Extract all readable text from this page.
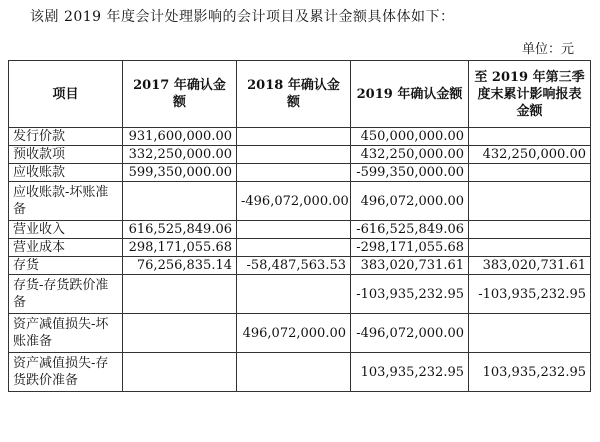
该剧 2019 年度会计处理影响的会计项目及累计金额具体体如下：
单位：元
项目	2017 年确认金额	2018 年确认金额	2019 年确认金额	至 2019 年第三季度末累计影响报表金额
发行价款	931,600,000.00		450,000,000.00	
预收款项	332,250,000.00		432,250,000.00	432,250,000.00
应收账款	599,350,000.00		-599,350,000.00	
应收账款-坏账准备		-496,072,000.00	496,072,000.00	
营业收入	616,525,849.06		-616,525,849.06	
营业成本	298,171,055.68		-298,171,055.68	
存货	76,256,835.14	-58,487,563.53	383,020,731.61	383,020,731.61
存货-存货跌价准备			-103,935,232.95	-103,935,232.95
资产减值损失-坏账准备		496,072,000.00	-496,072,000.00	
资产减值损失-存货跌价准备			103,935,232.95	103,935,232.95
